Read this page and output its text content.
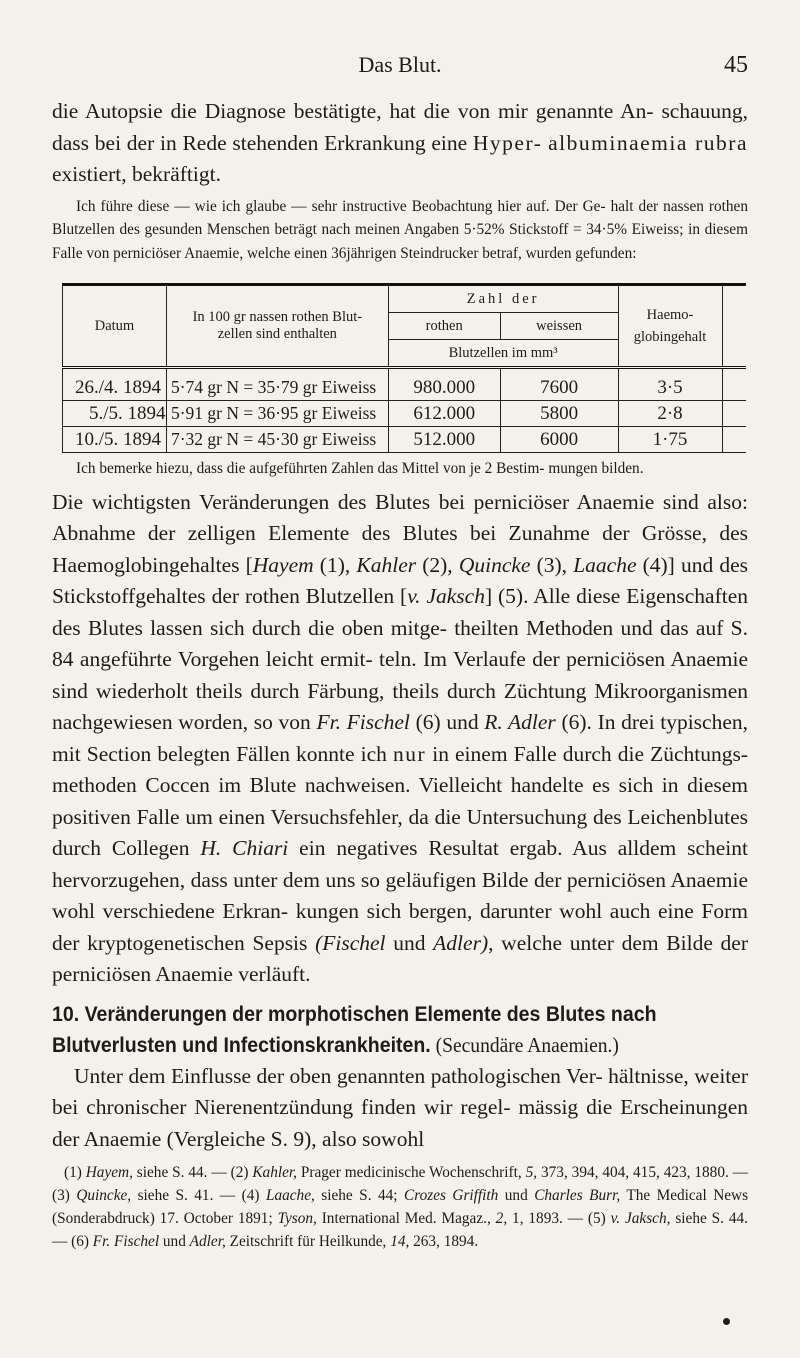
Das Blut.	45

die Autopsie die Diagnose bestätigte, hat die von mir genannte An- schauung, dass bei der in Rede stehenden Erkrankung eine Hyper- albuminaemia rubra existiert, bekräftigt.

Ich führe diese — wie ich glaube — sehr instructive Beobachtung hier auf. Der Ge- halt der nassen rothen Blutzellen des gesunden Menschen beträgt nach meinen Angaben 5·52% Stickstoff = 34·5% Eiweiss; in diesem Falle von perniciöser Anaemie, welche einen 36jährigen Steindrucker betraf, wurden gefunden:

Datum	In 100 gr nassen rothen Blut- zellen sind enthalten	Zahl der		Haemo- globingehalt	
		rothen	weissen		
		Blutzellen im mm³			
26./4. 1894	5·74 gr N = 35·79 gr Eiweiss	980.000	7600	3·5	
5./5. 1894	5·91 gr N = 36·95 gr Eiweiss	612.000	5800	2·8	
10./5. 1894	7·32 gr N = 45·30 gr Eiweiss	512.000	6000	1·75	

Ich bemerke hiezu, dass die aufgeführten Zahlen das Mittel von je 2 Bestim- mungen bilden.

Die wichtigsten Veränderungen des Blutes bei perniciöser Anaemie sind also: Abnahme der zelligen Elemente des Blutes bei Zunahme der Grösse, des Haemoglobingehaltes [Hayem (1), Kahler (2), Quincke (3), Laache (4)] und des Stickstoffgehaltes der rothen Blutzellen [v. Jaksch] (5). Alle diese Eigenschaften des Blutes lassen sich durch die oben mitge- theilten Methoden und das auf S. 84 angeführte Vorgehen leicht ermit- teln. Im Verlaufe der perniciösen Anaemie sind wiederholt theils durch Färbung, theils durch Züchtung Mikroorganismen nachgewiesen worden, so von Fr. Fischel (6) und R. Adler (6). In drei typischen, mit Section belegten Fällen konnte ich nur in einem Falle durch die Züchtungs- methoden Coccen im Blute nachweisen. Vielleicht handelte es sich in diesem positiven Falle um einen Versuchsfehler, da die Untersuchung des Leichenblutes durch Collegen H. Chiari ein negatives Resultat ergab. Aus alldem scheint hervorzugehen, dass unter dem uns so geläufigen Bilde der perniciösen Anaemie wohl verschiedene Erkran- kungen sich bergen, darunter wohl auch eine Form der kryptogenetischen Sepsis (Fischel und Adler), welche unter dem Bilde der perniciösen Anaemie verläuft.

10. Veränderungen der morphotischen Elemente des Blutes nach Blutverlusten und Infectionskrankheiten. (Secundäre Anaemien.)

Unter dem Einflusse der oben genannten pathologischen Ver- hältnisse, weiter bei chronischer Nierenentzündung finden wir regel- mässig die Erscheinungen der Anaemie (Vergleiche S. 9), also sowohl

(1) Hayem, siehe S. 44. — (2) Kahler, Prager medicinische Wochenschrift, 5, 373, 394, 404, 415, 423, 1880. — (3) Quincke, siehe S. 41. — (4) Laache, siehe S. 44; Crozes Griffith und Charles Burr, The Medical News (Sonderabdruck) 17. October 1891; Tyson, International Med. Magaz., 2, 1, 1893. — (5) v. Jaksch, siehe S. 44. — (6) Fr. Fischel und Adler, Zeitschrift für Heilkunde, 14, 263, 1894.
